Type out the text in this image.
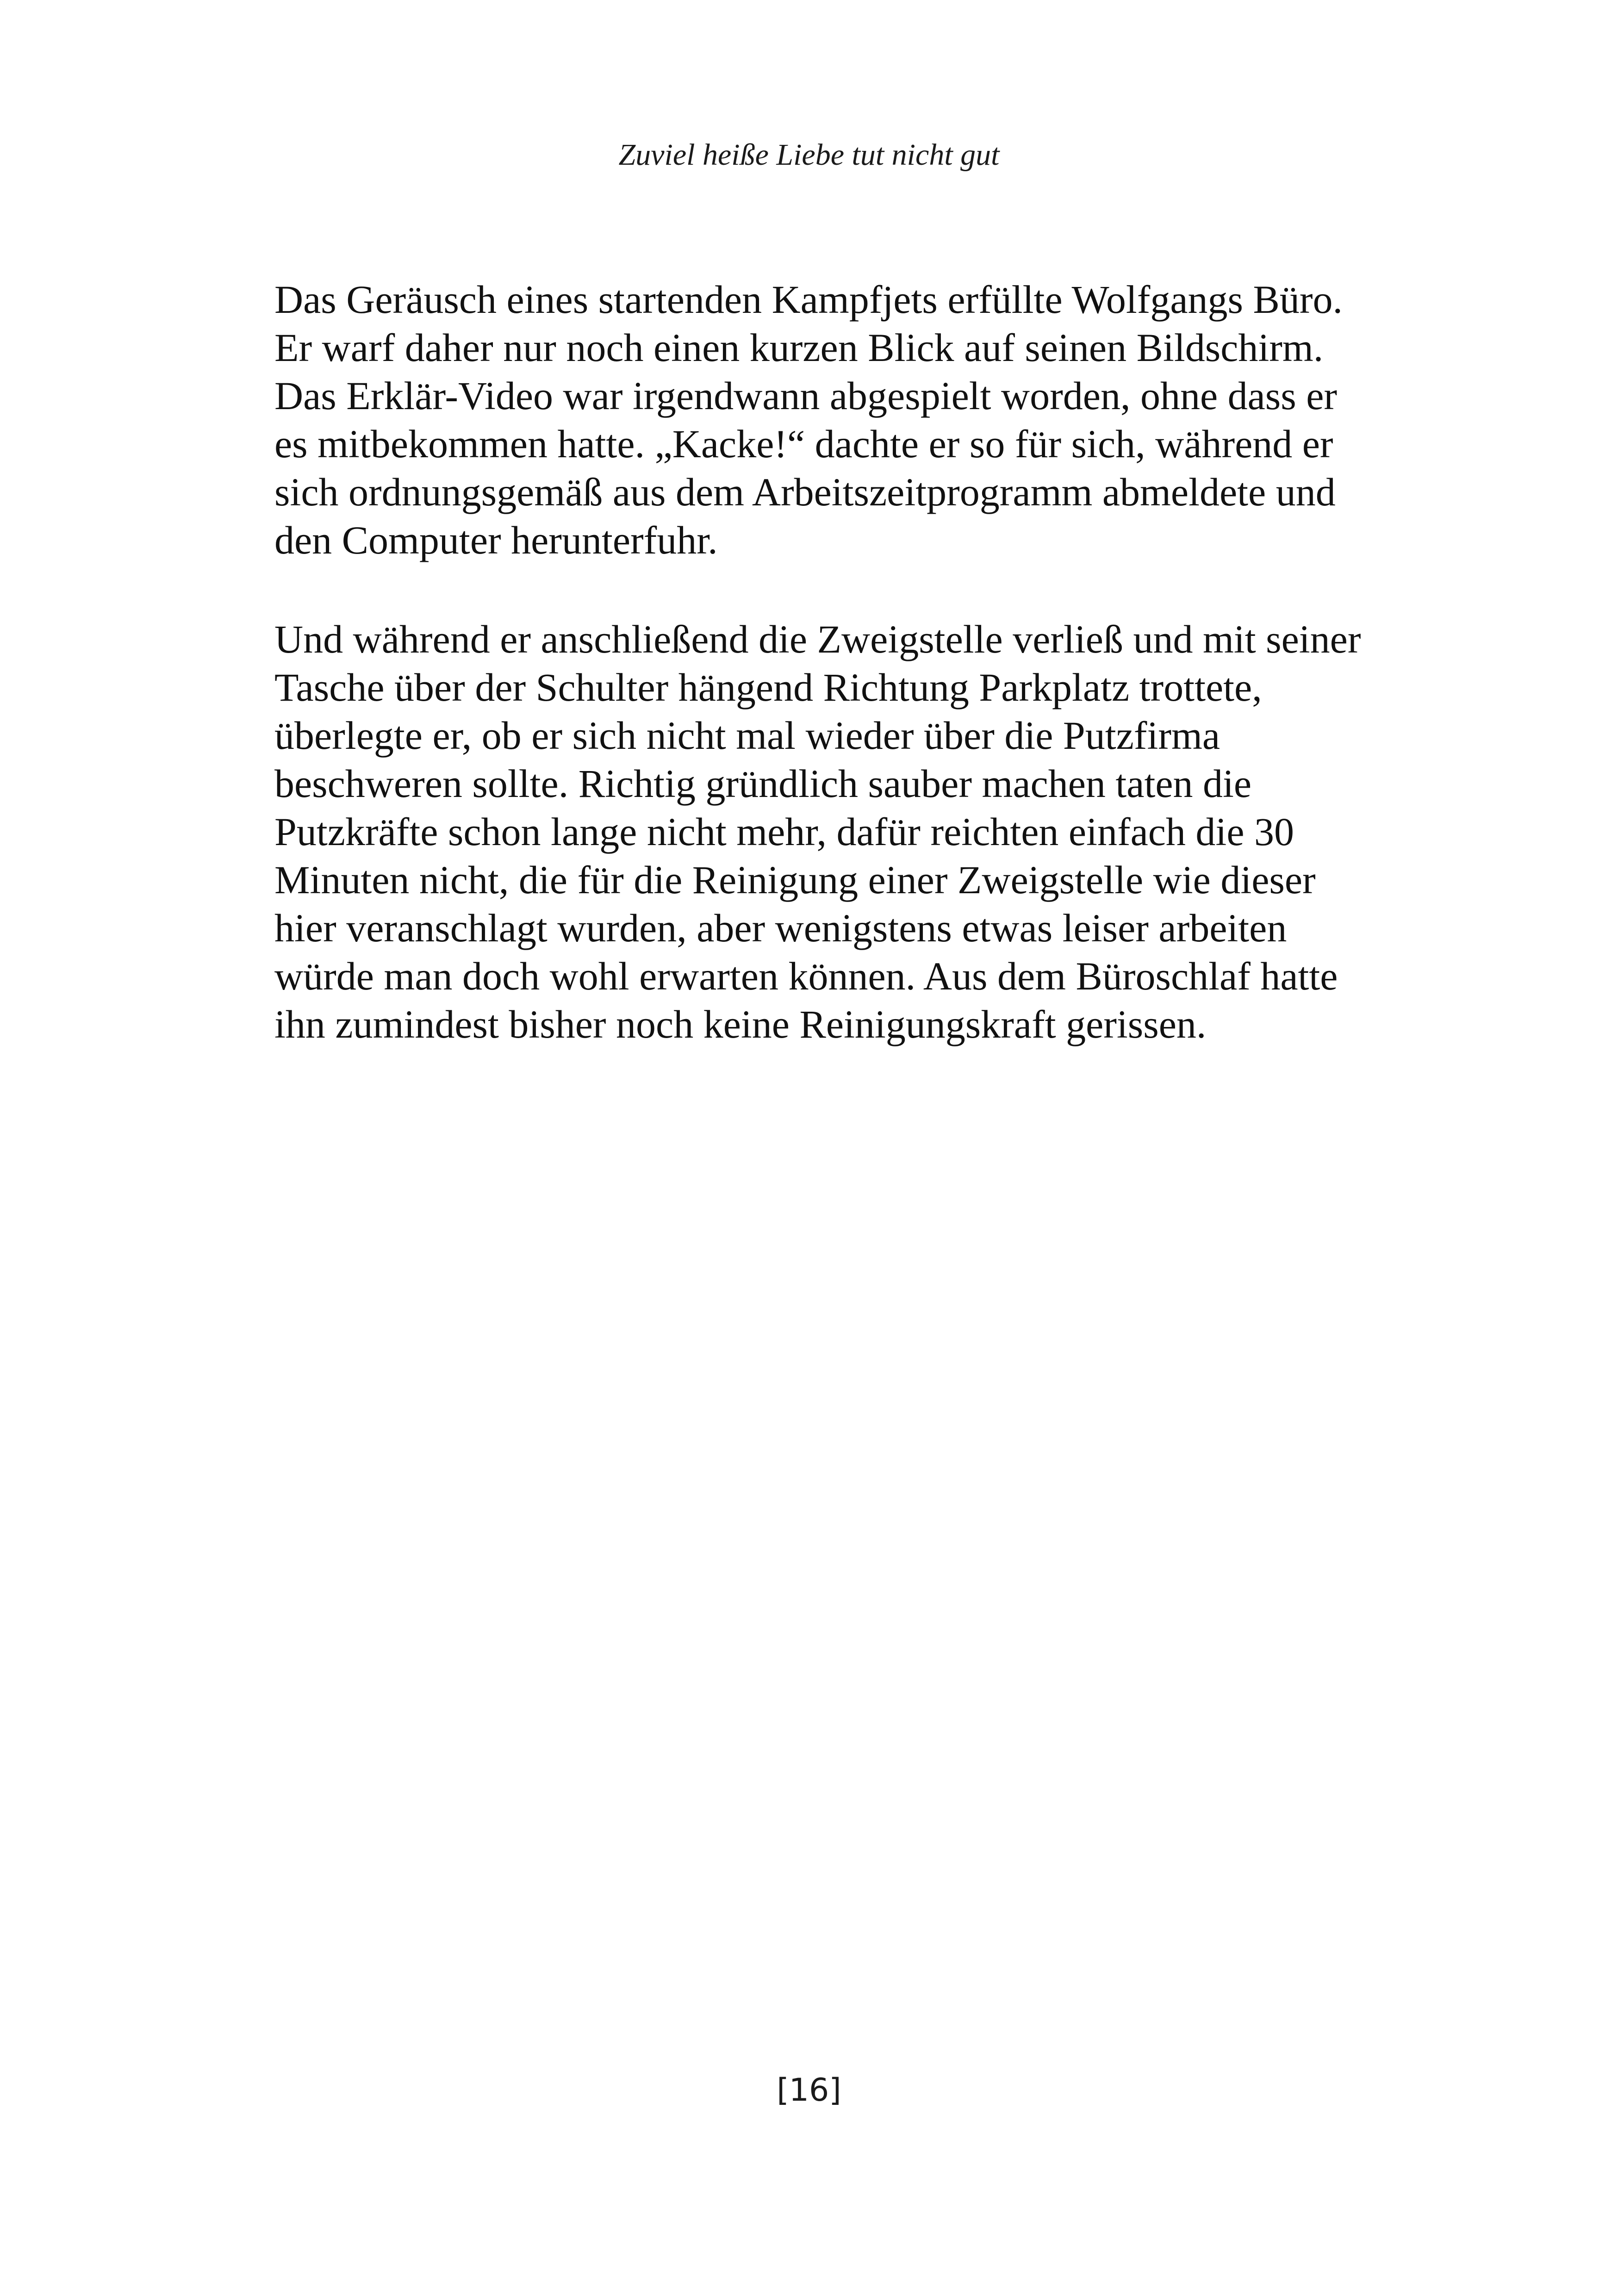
Zuviel heiße Liebe tut nicht gut

Das Geräusch eines startenden Kampfjets erfüllte Wolfgangs Büro.
Er warf daher nur noch einen kurzen Blick auf seinen Bildschirm.
Das Erklär-Video war irgendwann abgespielt worden, ohne dass er
es mitbekommen hatte. „Kacke!“ dachte er so für sich, während er
sich ordnungsgemäß aus dem Arbeitszeitprogramm abmeldete und
den Computer herunterfuhr.

Und während er anschließend die Zweigstelle verließ und mit seiner
Tasche über der Schulter hängend Richtung Parkplatz trottete,
überlegte er, ob er sich nicht mal wieder über die Putzfirma
beschweren sollte. Richtig gründlich sauber machen taten die
Putzkräfte schon lange nicht mehr, dafür reichten einfach die 30
Minuten nicht, die für die Reinigung einer Zweigstelle wie dieser
hier veranschlagt wurden, aber wenigstens etwas leiser arbeiten
würde man doch wohl erwarten können. Aus dem Büroschlaf hatte
ihn zumindest bisher noch keine Reinigungskraft gerissen.

[16]
